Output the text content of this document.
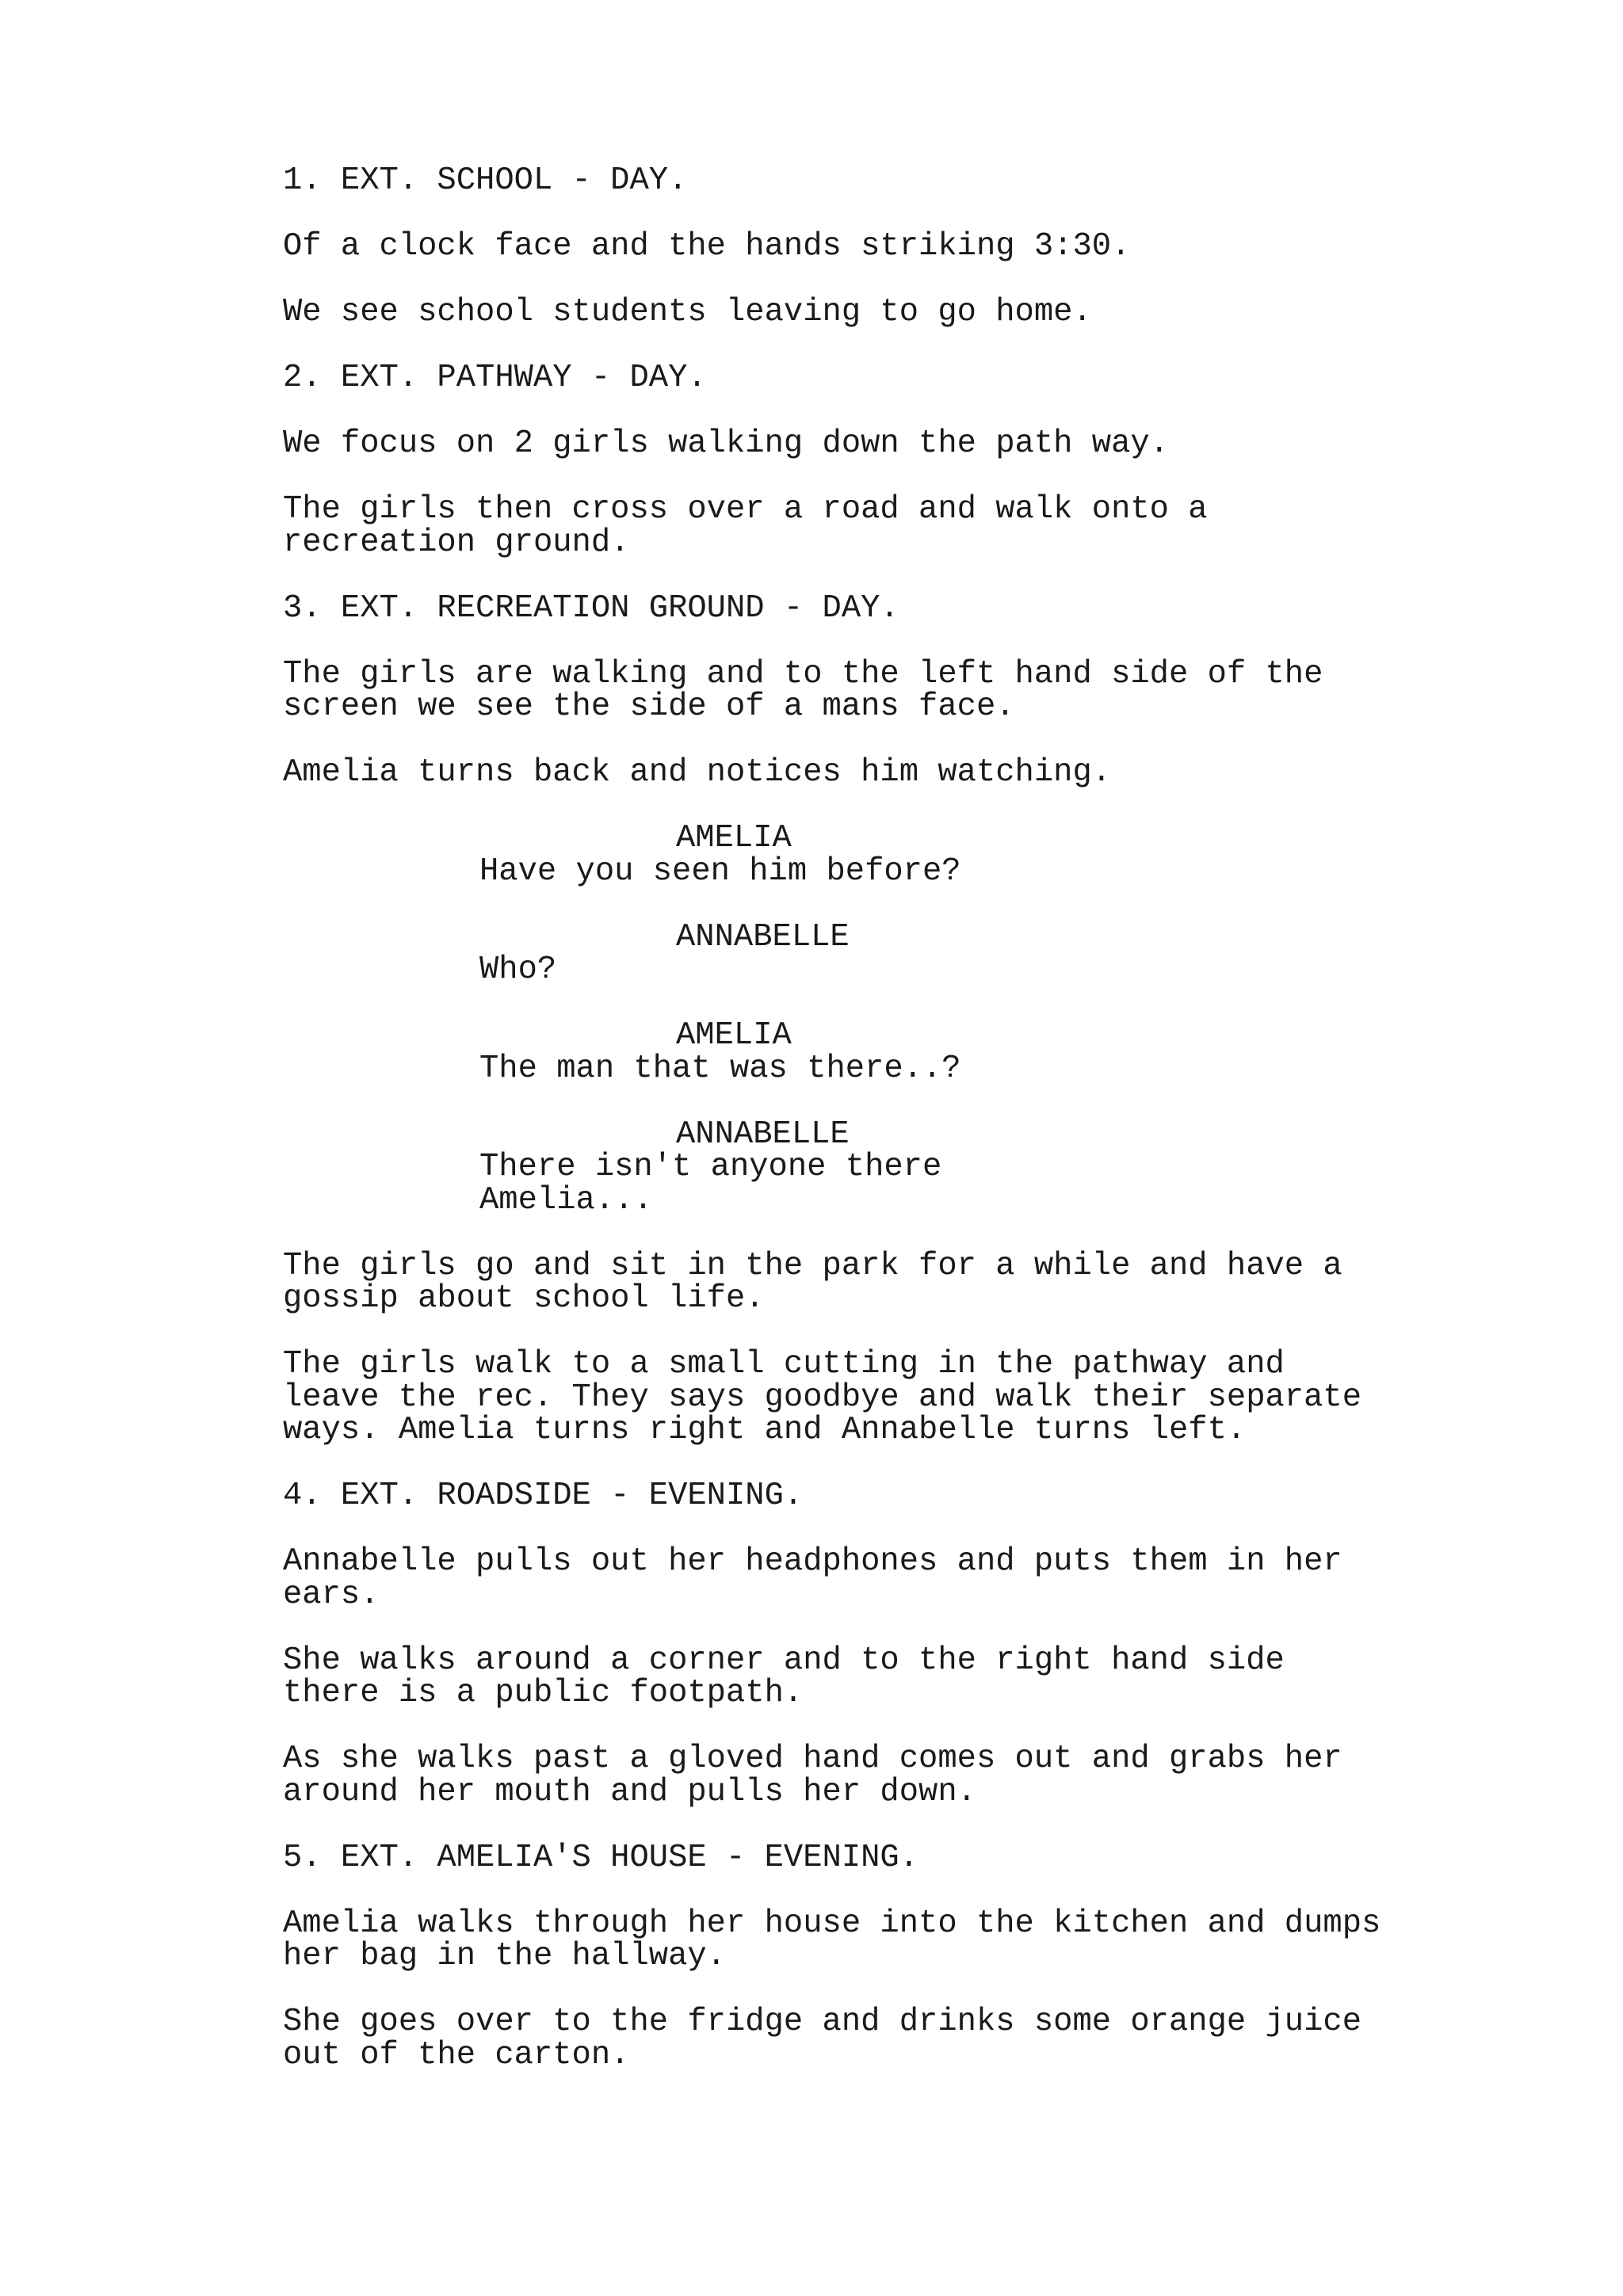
1. EXT. SCHOOL - DAY.
Of a clock face and the hands striking 3:30.
We see school students leaving to go home.
2. EXT. PATHWAY - DAY.
We focus on 2 girls walking down the path way.
The girls then cross over a road and walk onto a
recreation ground.
3. EXT. RECREATION GROUND - DAY.
The girls are walking and to the left hand side of the
screen we see the side of a mans face.
Amelia turns back and notices him watching.
AMELIA
Have you seen him before?
ANNABELLE
Who?
AMELIA
The man that was there..?
ANNABELLE
There isn't anyone there
Amelia...
The girls go and sit in the park for a while and have a
gossip about school life.
The girls walk to a small cutting in the pathway and
leave the rec. They says goodbye and walk their separate
ways. Amelia turns right and Annabelle turns left.
4. EXT. ROADSIDE - EVENING.
Annabelle pulls out her headphones and puts them in her
ears.
She walks around a corner and to the right hand side
there is a public footpath.
As she walks past a gloved hand comes out and grabs her
around her mouth and pulls her down.
5. EXT. AMELIA'S HOUSE - EVENING.
Amelia walks through her house into the kitchen and dumps
her bag in the hallway.
She goes over to the fridge and drinks some orange juice
out of the carton.
